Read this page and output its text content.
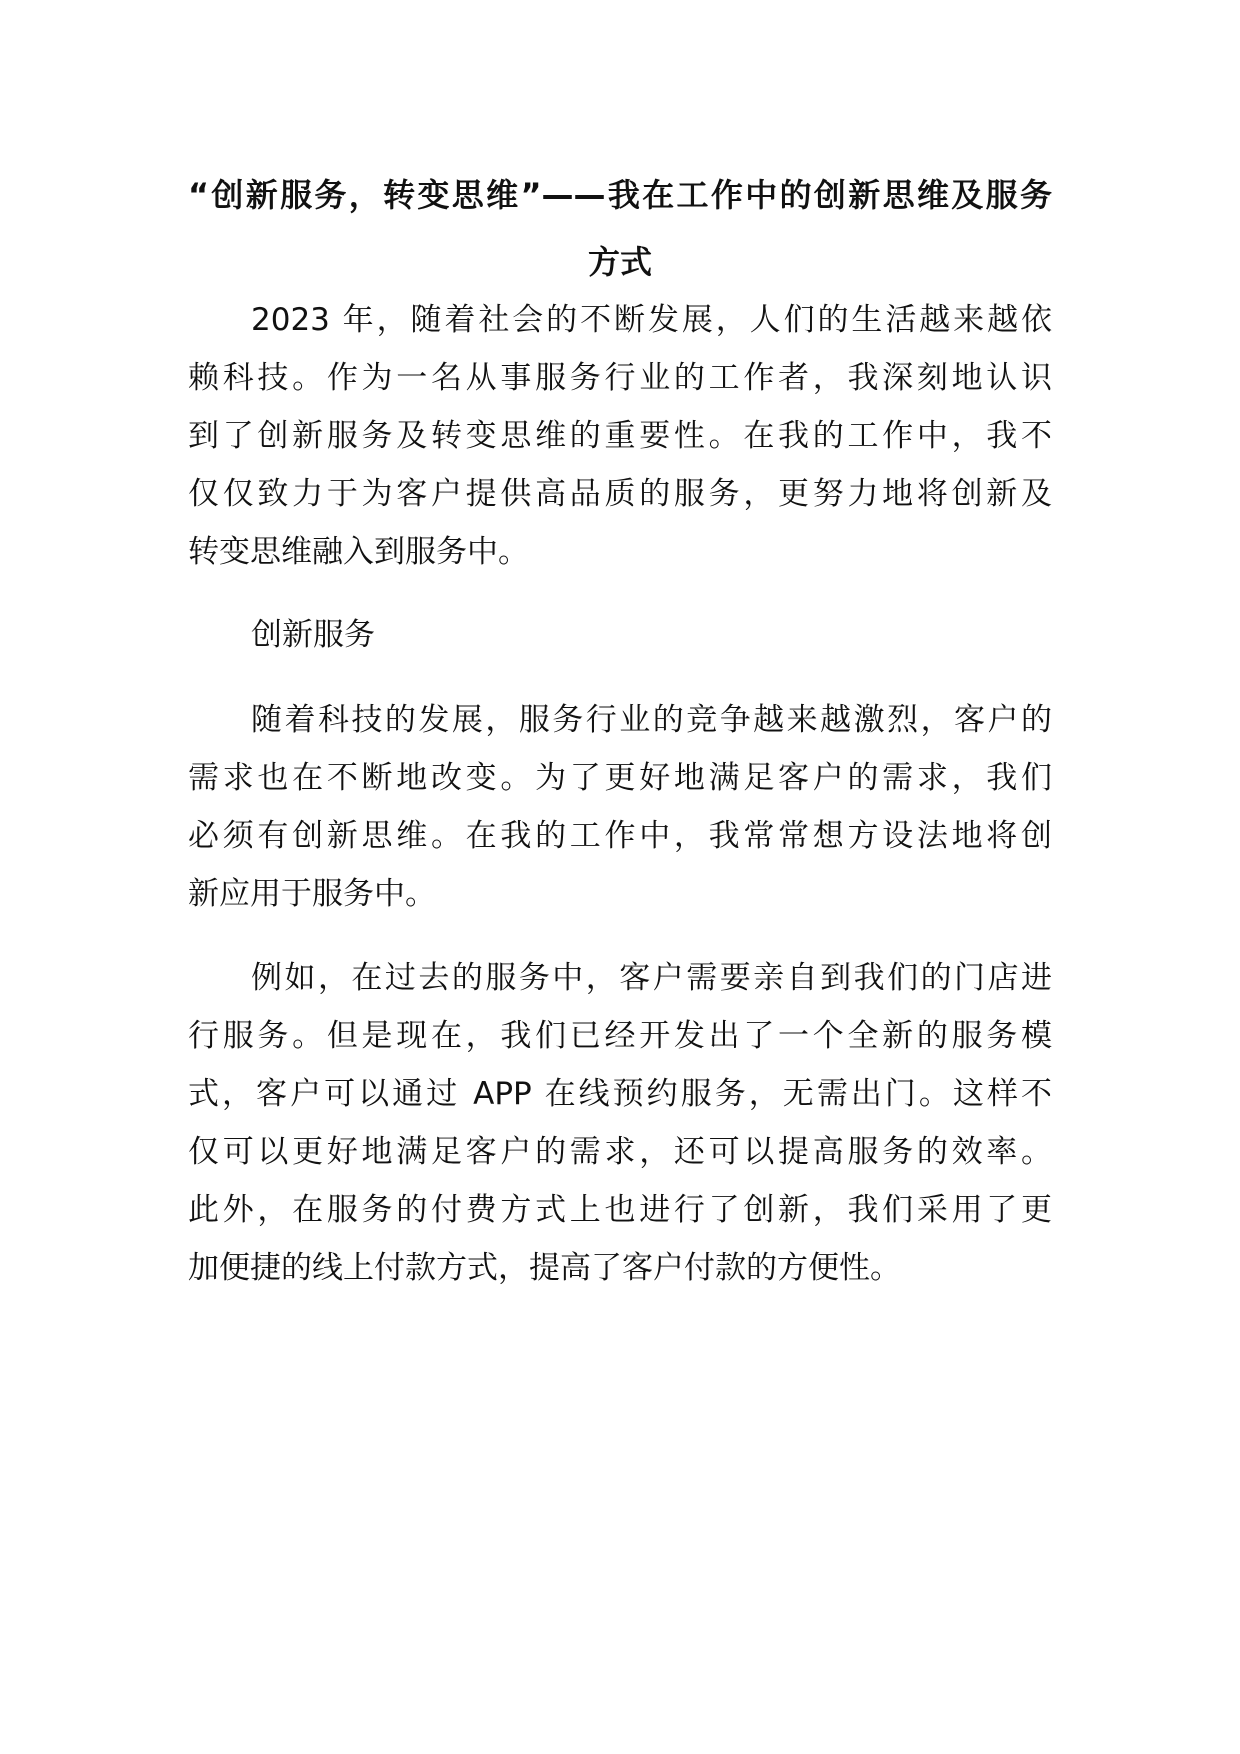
“创新服务，转变思维”——我在工作中的创新思维及服务
方式
2023 年，随着社会的不断发展，人们的生活越来越依
赖科技。作为一名从事服务行业的工作者，我深刻地认识
到了创新服务及转变思维的重要性。在我的工作中，我不
仅仅致力于为客户提供高品质的服务，更努力地将创新及
转变思维融入到服务中。
创新服务
随着科技的发展，服务行业的竞争越来越激烈，客户的
需求也在不断地改变。为了更好地满足客户的需求，我们
必须有创新思维。在我的工作中，我常常想方设法地将创
新应用于服务中。
例如，在过去的服务中，客户需要亲自到我们的门店进
行服务。但是现在，我们已经开发出了一个全新的服务模
式，客户可以通过 APP 在线预约服务，无需出门。这样不
仅可以更好地满足客户的需求，还可以提高服务的效率。
此外，在服务的付费方式上也进行了创新，我们采用了更
加便捷的线上付款方式，提高了客户付款的方便性。
